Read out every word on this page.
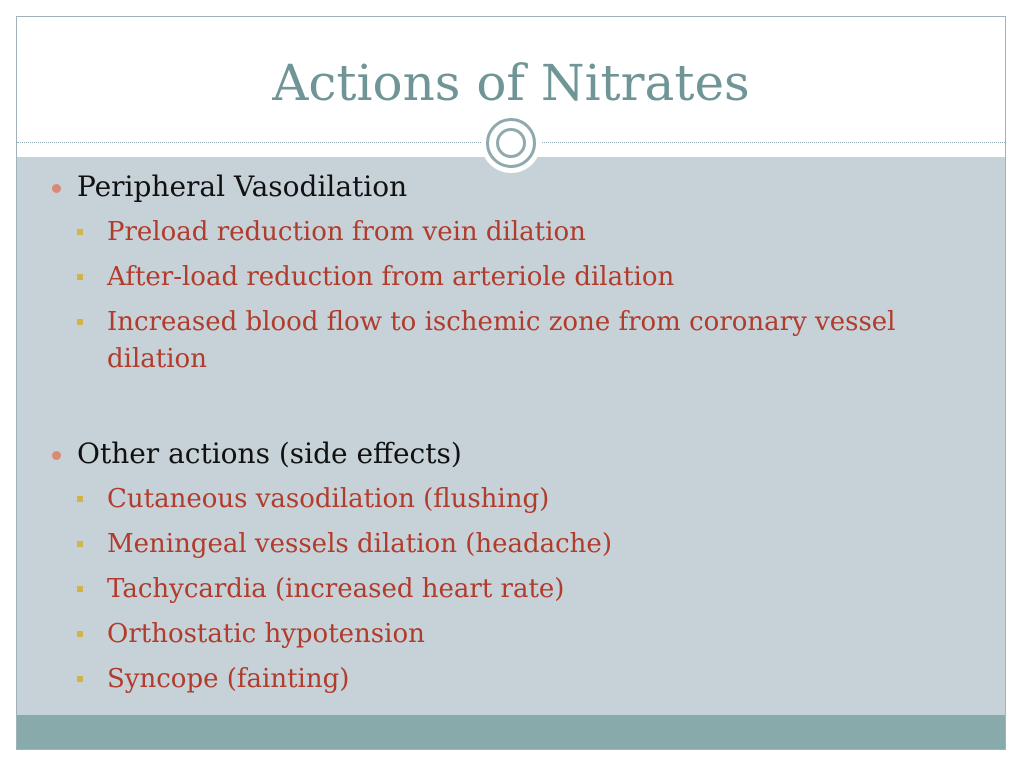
Actions of Nitrates
Peripheral Vasodilation
Preload reduction from vein dilation
After-load reduction from arteriole dilation
Increased blood flow to ischemic zone from coronary vessel dilation
Other actions (side effects)
Cutaneous vasodilation (flushing)
Meningeal vessels dilation (headache)
Tachycardia (increased heart rate)
Orthostatic hypotension
Syncope (fainting)
